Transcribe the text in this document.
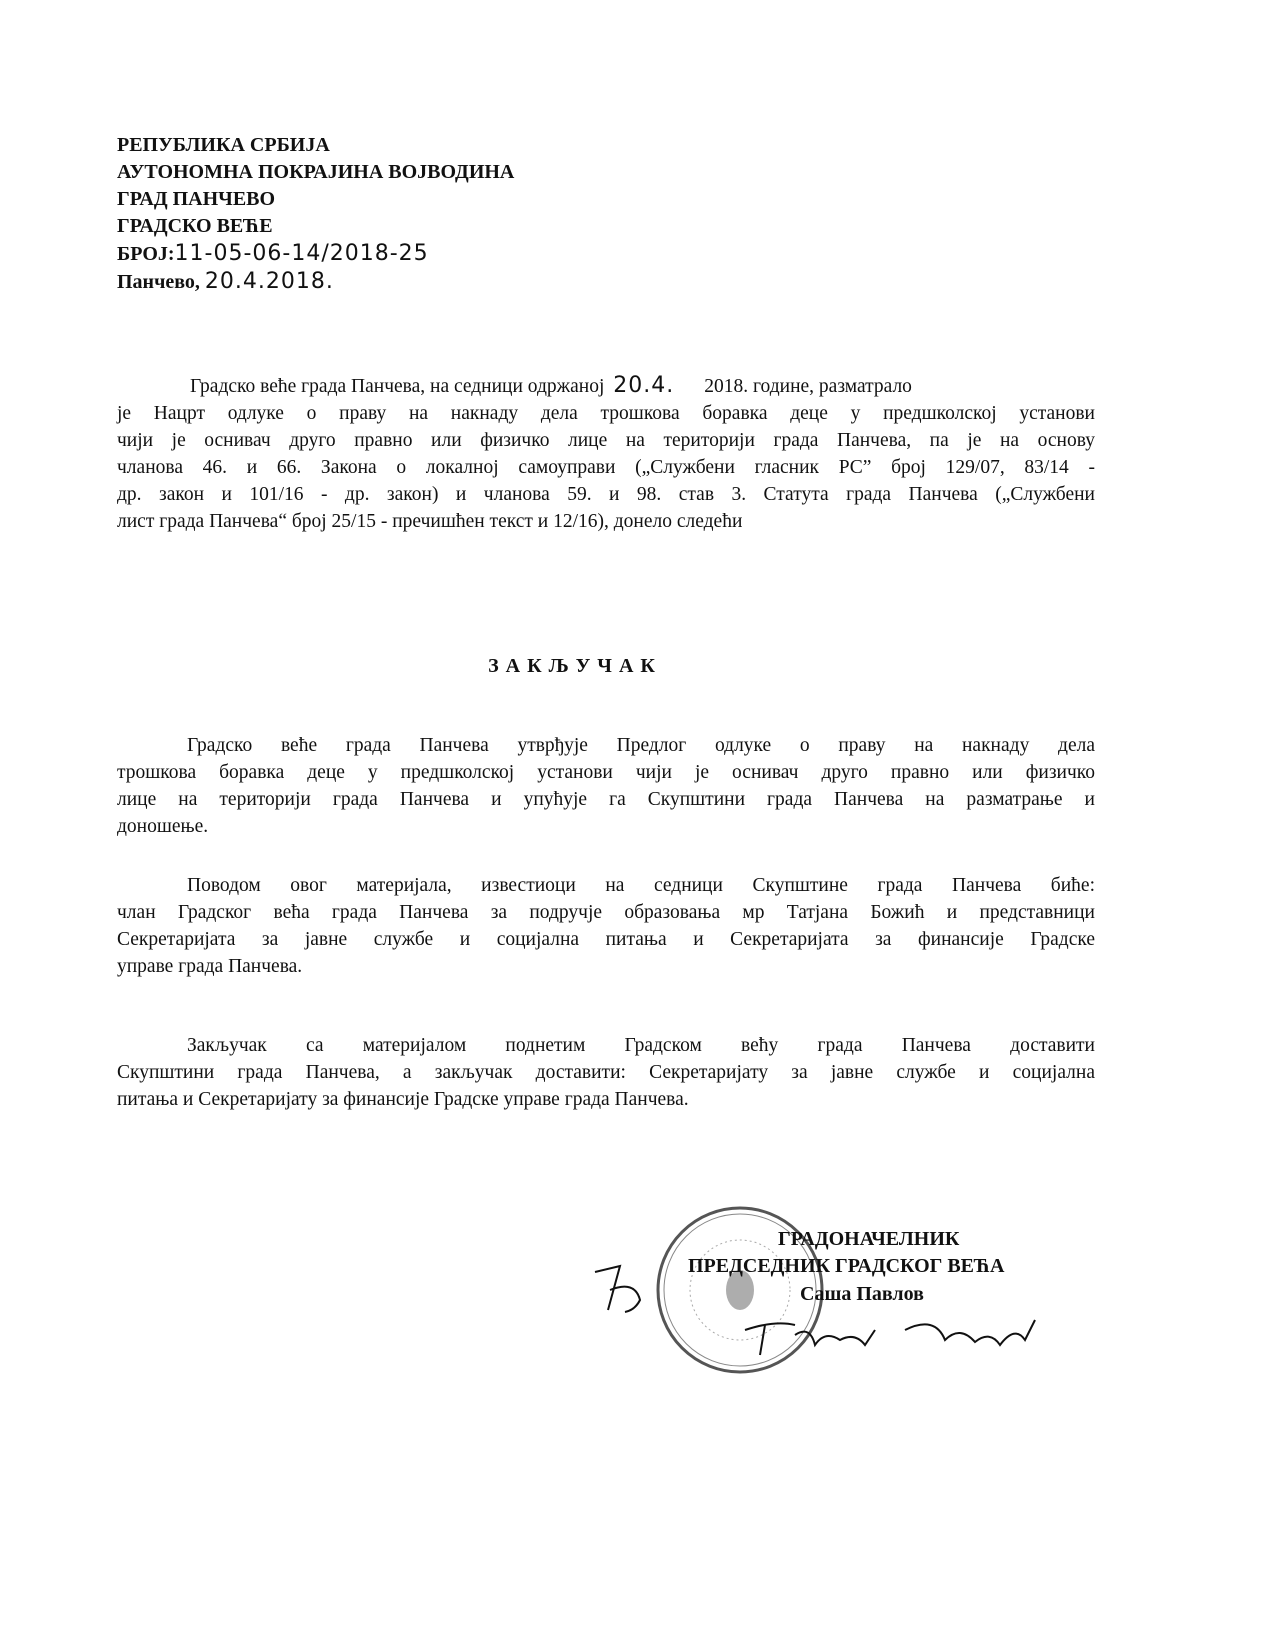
РЕПУБЛИКА СРБИЈА
АУТОНОМНА ПОКРАЈИНА ВОЈВОДИНА
ГРАД ПАНЧЕВО
ГРАДСКО ВЕЋЕ
БРОЈ:11-05-06-14/2018-25
Панчево, 20.4.2018.
Градско веће града Панчева, на седници одржаној 20.4. 2018. године, разматрало
је Нацрт одлуке о праву на накнаду дела трошкова боравка деце у предшколској установи
чији је оснивач друго правно или физичко лице на територији града Панчева, па је на основу
чланова 46. и 66. Закона о локалној самоуправи („Службени гласник РС” број 129/07, 83/14 -
др. закон и 101/16 - др. закон) и чланова 59. и 98. став 3. Статута града Панчева („Службени
лист града Панчева“ број 25/15 - пречишћен текст и 12/16), донело следећи
ЗАКЉУЧАК
Градско веће града Панчева утврђује Предлог одлуке о праву на накнаду дела
трошкова боравка деце у предшколској установи чији је оснивач друго правно или физичко
лице на територији града Панчева и упућује га Скупштини града Панчева на разматрање и
доношење.
Поводом овог материјала, известиоци на седници Скупштине града Панчева биће:
члан Градског већа града Панчева за подручје образовања мр Татјана Божић и представници
Секретаријата за јавне службе и социјална питања и Секретаријата за финансије Градске
управе града Панчева.
Закључак са материјалом поднетим Градском већу града Панчева доставити
Скупштини града Панчева, а закључак доставити: Секретаријату за јавне службе и социјална
питања и Секретаријату за финансије Градске управе града Панчева.
ГРАДОНАЧЕЛНИК
ПРЕДСЕДНИК ГРАДСКОГ ВЕЋА
Саша Павлов
